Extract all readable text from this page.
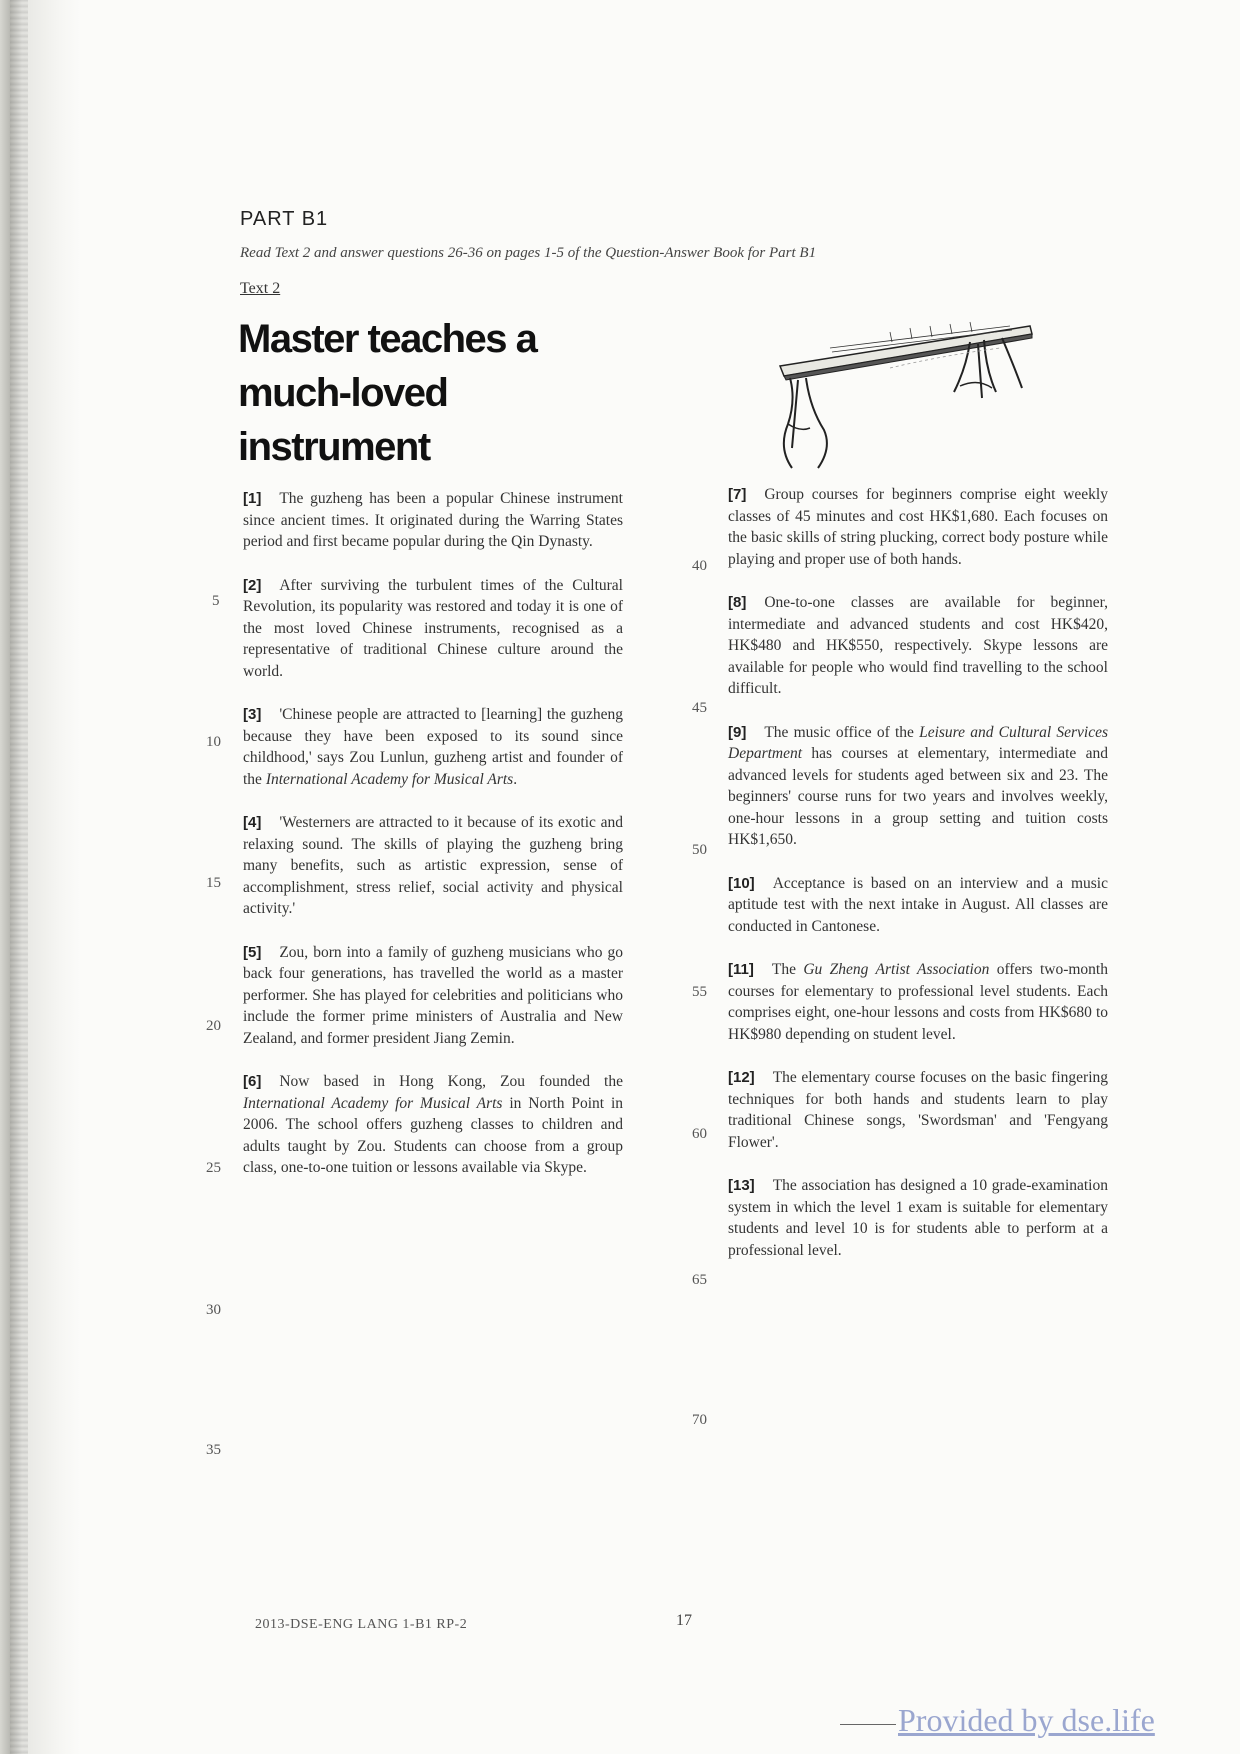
PART B1
Read Text 2 and answer questions 26-36 on pages 1-5 of the Question-Answer Book for Part B1
Text 2
Master teaches a
much-loved
instrument

[1] The guzheng has been a popular Chinese instrument since ancient times. It originated during the Warring States period and first became popular during the Qin Dynasty.

[2] After surviving the turbulent times of the Cultural Revolution, its popularity was restored and today it is one of the most loved Chinese instruments, recognised as a representative of traditional Chinese culture around the world.

[3] 'Chinese people are attracted to [learning] the guzheng because they have been exposed to its sound since childhood,' says Zou Lunlun, guzheng artist and founder of the International Academy for Musical Arts.

[4] 'Westerners are attracted to it because of its exotic and relaxing sound. The skills of playing the guzheng bring many benefits, such as artistic expression, sense of accomplishment, stress relief, social activity and physical activity.'

[5] Zou, born into a family of guzheng musicians who go back four generations, has travelled the world as a master performer. She has played for celebrities and politicians who include the former prime ministers of Australia and New Zealand, and former president Jiang Zemin.

[6] Now based in Hong Kong, Zou founded the International Academy for Musical Arts in North Point in 2006. The school offers guzheng classes to children and adults taught by Zou. Students can choose from a group class, one-to-one tuition or lessons available via Skype.

[7] Group courses for beginners comprise eight weekly classes of 45 minutes and cost HK$1,680. Each focuses on the basic skills of string plucking, correct body posture while playing and proper use of both hands.

[8] One-to-one classes are available for beginner, intermediate and advanced students and cost HK$420, HK$480 and HK$550, respectively. Skype lessons are available for people who would find travelling to the school difficult.

[9] The music office of the Leisure and Cultural Services Department has courses at elementary, intermediate and advanced levels for students aged between six and 23. The beginners' course runs for two years and involves weekly, one-hour lessons in a group setting and tuition costs HK$1,650.

[10] Acceptance is based on an interview and a music aptitude test with the next intake in August. All classes are conducted in Cantonese.

[11] The Gu Zheng Artist Association offers two-month courses for elementary to professional level students. Each comprises eight, one-hour lessons and costs from HK$680 to HK$980 depending on student level.

[12] The elementary course focuses on the basic fingering techniques for both hands and students learn to play traditional Chinese songs, 'Swordsman' and 'Fengyang Flower'.

[13] The association has designed a 10 grade-examination system in which the level 1 exam is suitable for elementary students and level 10 is for students able to perform at a professional level.

5
10
15
20
25
30
35
40
45
50
55
60
65
70
2013-DSE-ENG LANG 1-B1 RP-2	17
Provided by dse.life
